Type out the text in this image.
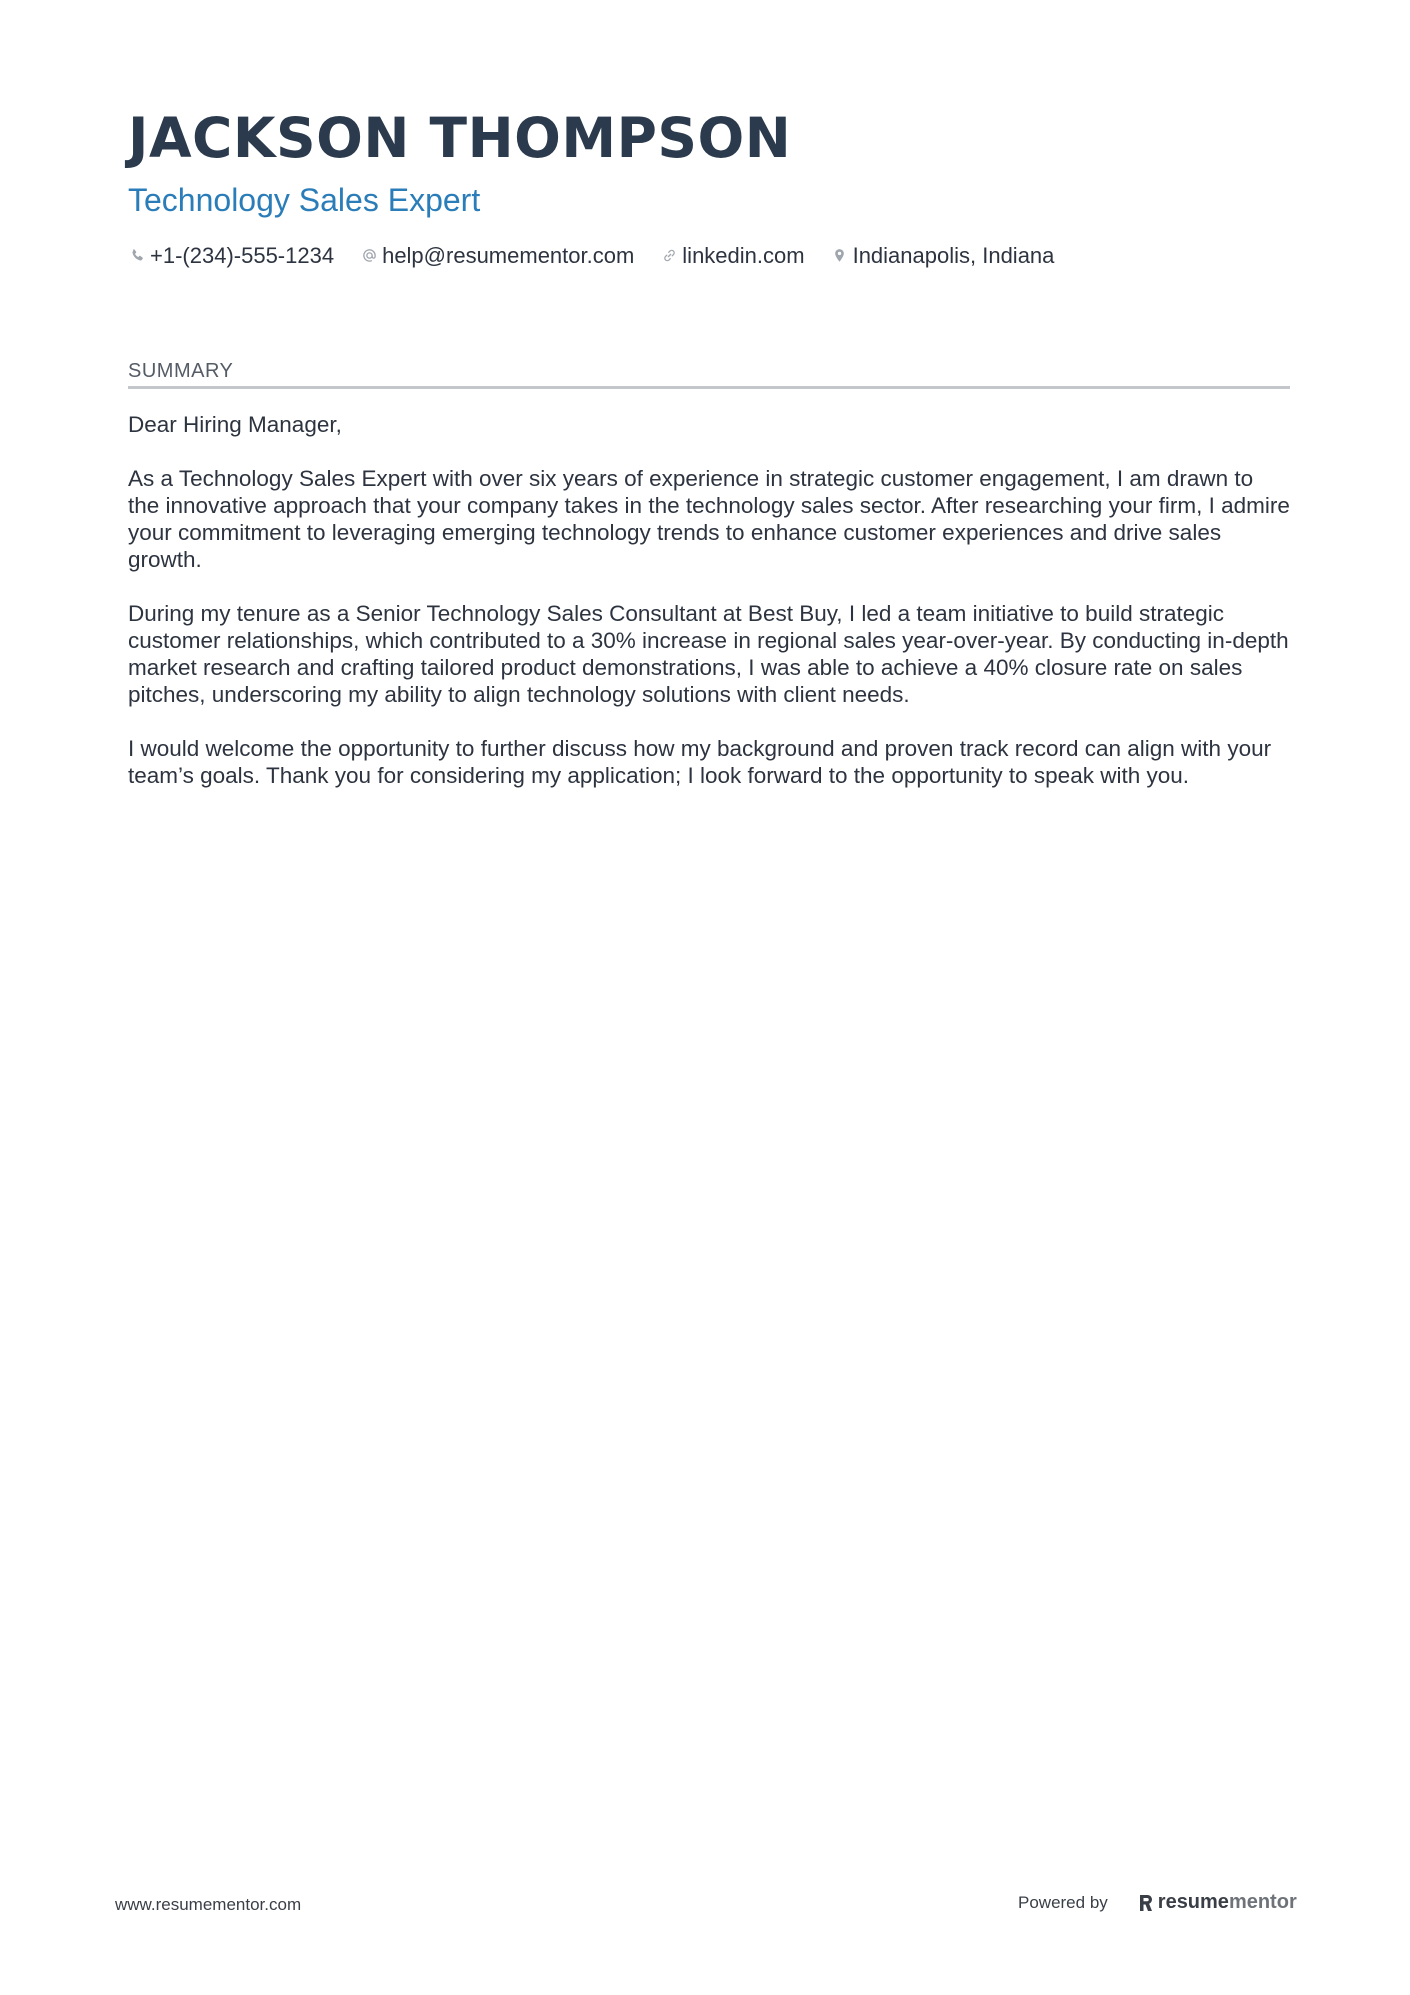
JACKSON THOMPSON
Technology Sales Expert
+1-(234)-555-1234 help@resumementor.com linkedin.com Indianapolis, Indiana
SUMMARY

Dear Hiring Manager,

As a Technology Sales Expert with over six years of experience in strategic customer engagement, I am drawn to the innovative approach that your company takes in the technology sales sector. After researching your firm, I admire your commitment to leveraging emerging technology trends to enhance customer experiences and drive sales growth.

During my tenure as a Senior Technology Sales Consultant at Best Buy, I led a team initiative to build strategic customer relationships, which contributed to a 30% increase in regional sales year-over-year. By conducting in-depth market research and crafting tailored product demonstrations, I was able to achieve a 40% closure rate on sales pitches, underscoring my ability to align technology solutions with client needs.

I would welcome the opportunity to further discuss how my background and proven track record can align with your team’s goals. Thank you for considering my application; I look forward to the opportunity to speak with you.

www.resumementor.com	Powered by	resume mentor
